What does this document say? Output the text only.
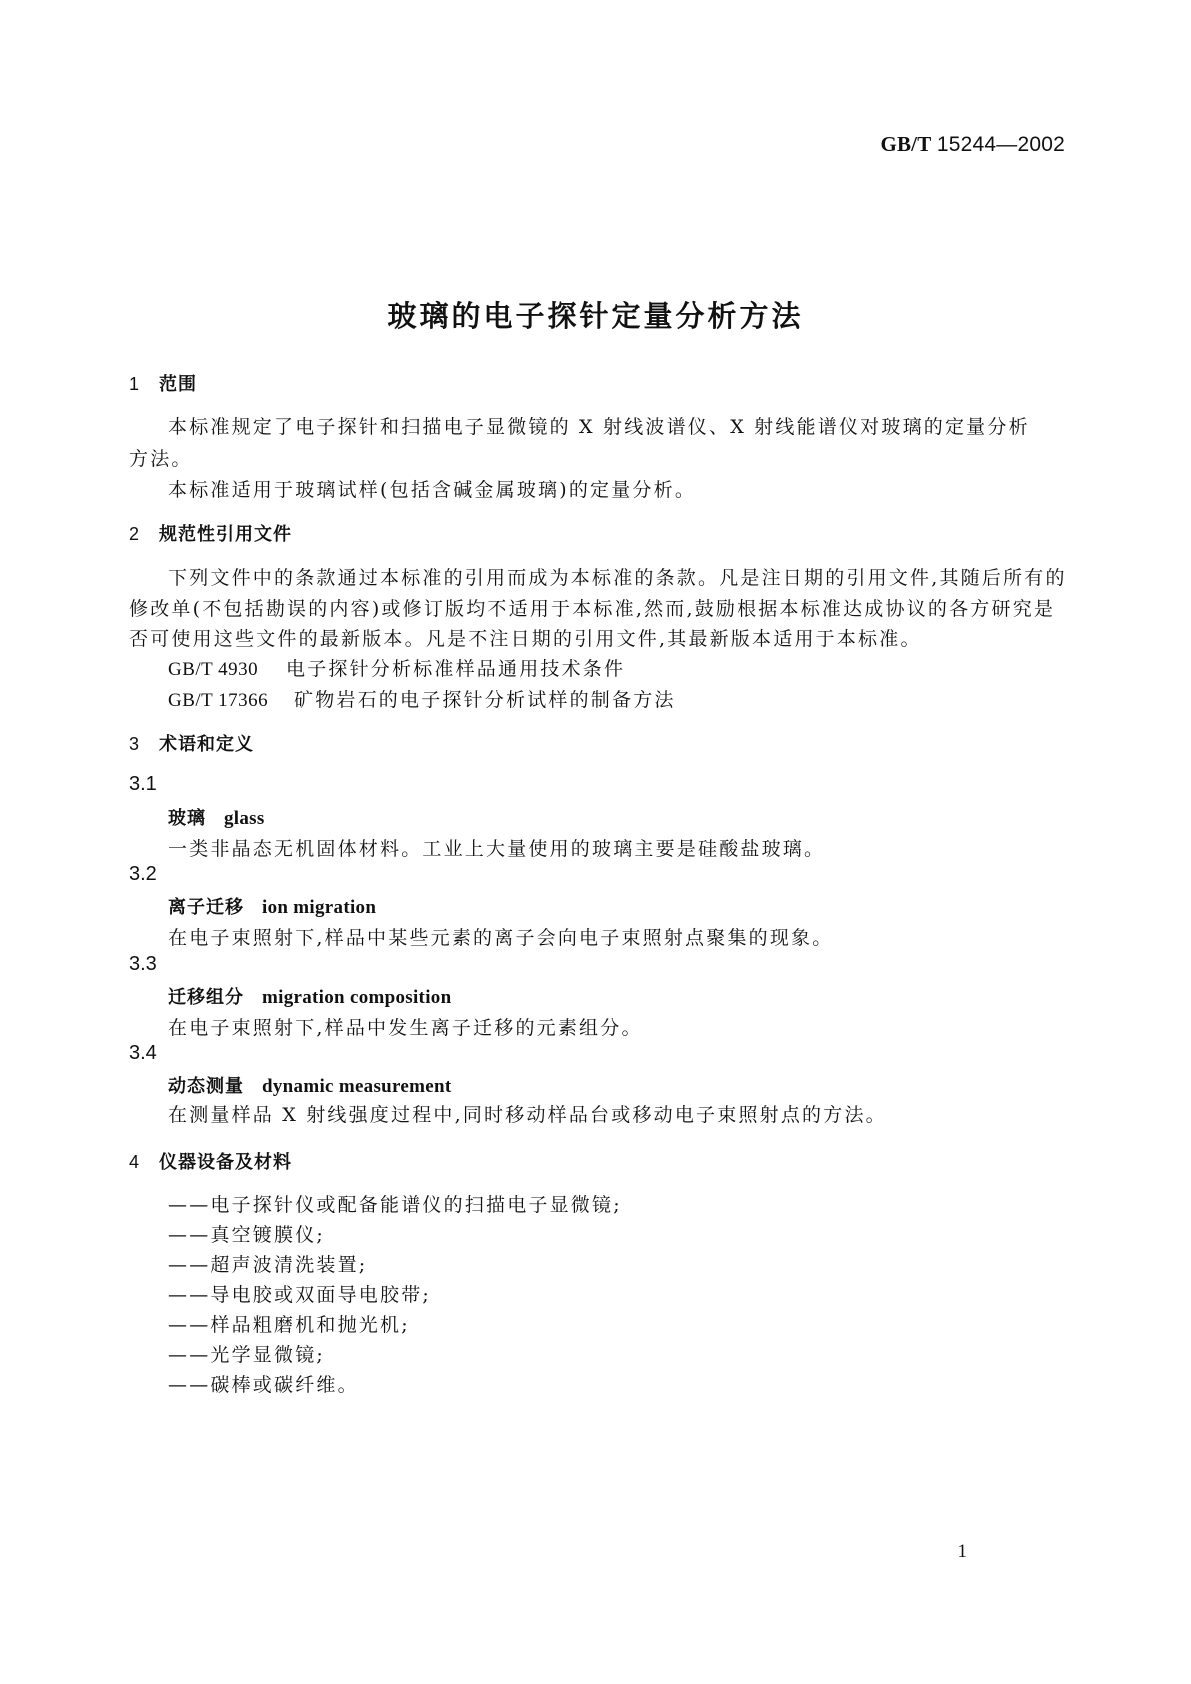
GB/T 15244—2002
玻璃的电子探针定量分析方法
1 范围
本标准规定了电子探针和扫描电子显微镜的 X 射线波谱仪、X 射线能谱仪对玻璃的定量分析
方法。
本标准适用于玻璃试样(包括含碱金属玻璃)的定量分析。
2 规范性引用文件
下列文件中的条款通过本标准的引用而成为本标准的条款。凡是注日期的引用文件,其随后所有的
修改单(不包括勘误的内容)或修订版均不适用于本标准,然而,鼓励根据本标准达成协议的各方研究是
否可使用这些文件的最新版本。凡是不注日期的引用文件,其最新版本适用于本标准。
GB/T 4930 电子探针分析标准样品通用技术条件
GB/T 17366 矿物岩石的电子探针分析试样的制备方法
3 术语和定义
3.1
玻璃 glass
一类非晶态无机固体材料。工业上大量使用的玻璃主要是硅酸盐玻璃。
3.2
离子迁移 ion migration
在电子束照射下,样品中某些元素的离子会向电子束照射点聚集的现象。
3.3
迁移组分 migration composition
在电子束照射下,样品中发生离子迁移的元素组分。
3.4
动态测量 dynamic measurement
在测量样品 X 射线强度过程中,同时移动样品台或移动电子束照射点的方法。
4 仪器设备及材料
——电子探针仪或配备能谱仪的扫描电子显微镜;
——真空镀膜仪;
——超声波清洗装置;
——导电胶或双面导电胶带;
——样品粗磨机和抛光机;
——光学显微镜;
——碳棒或碳纤维。
1
